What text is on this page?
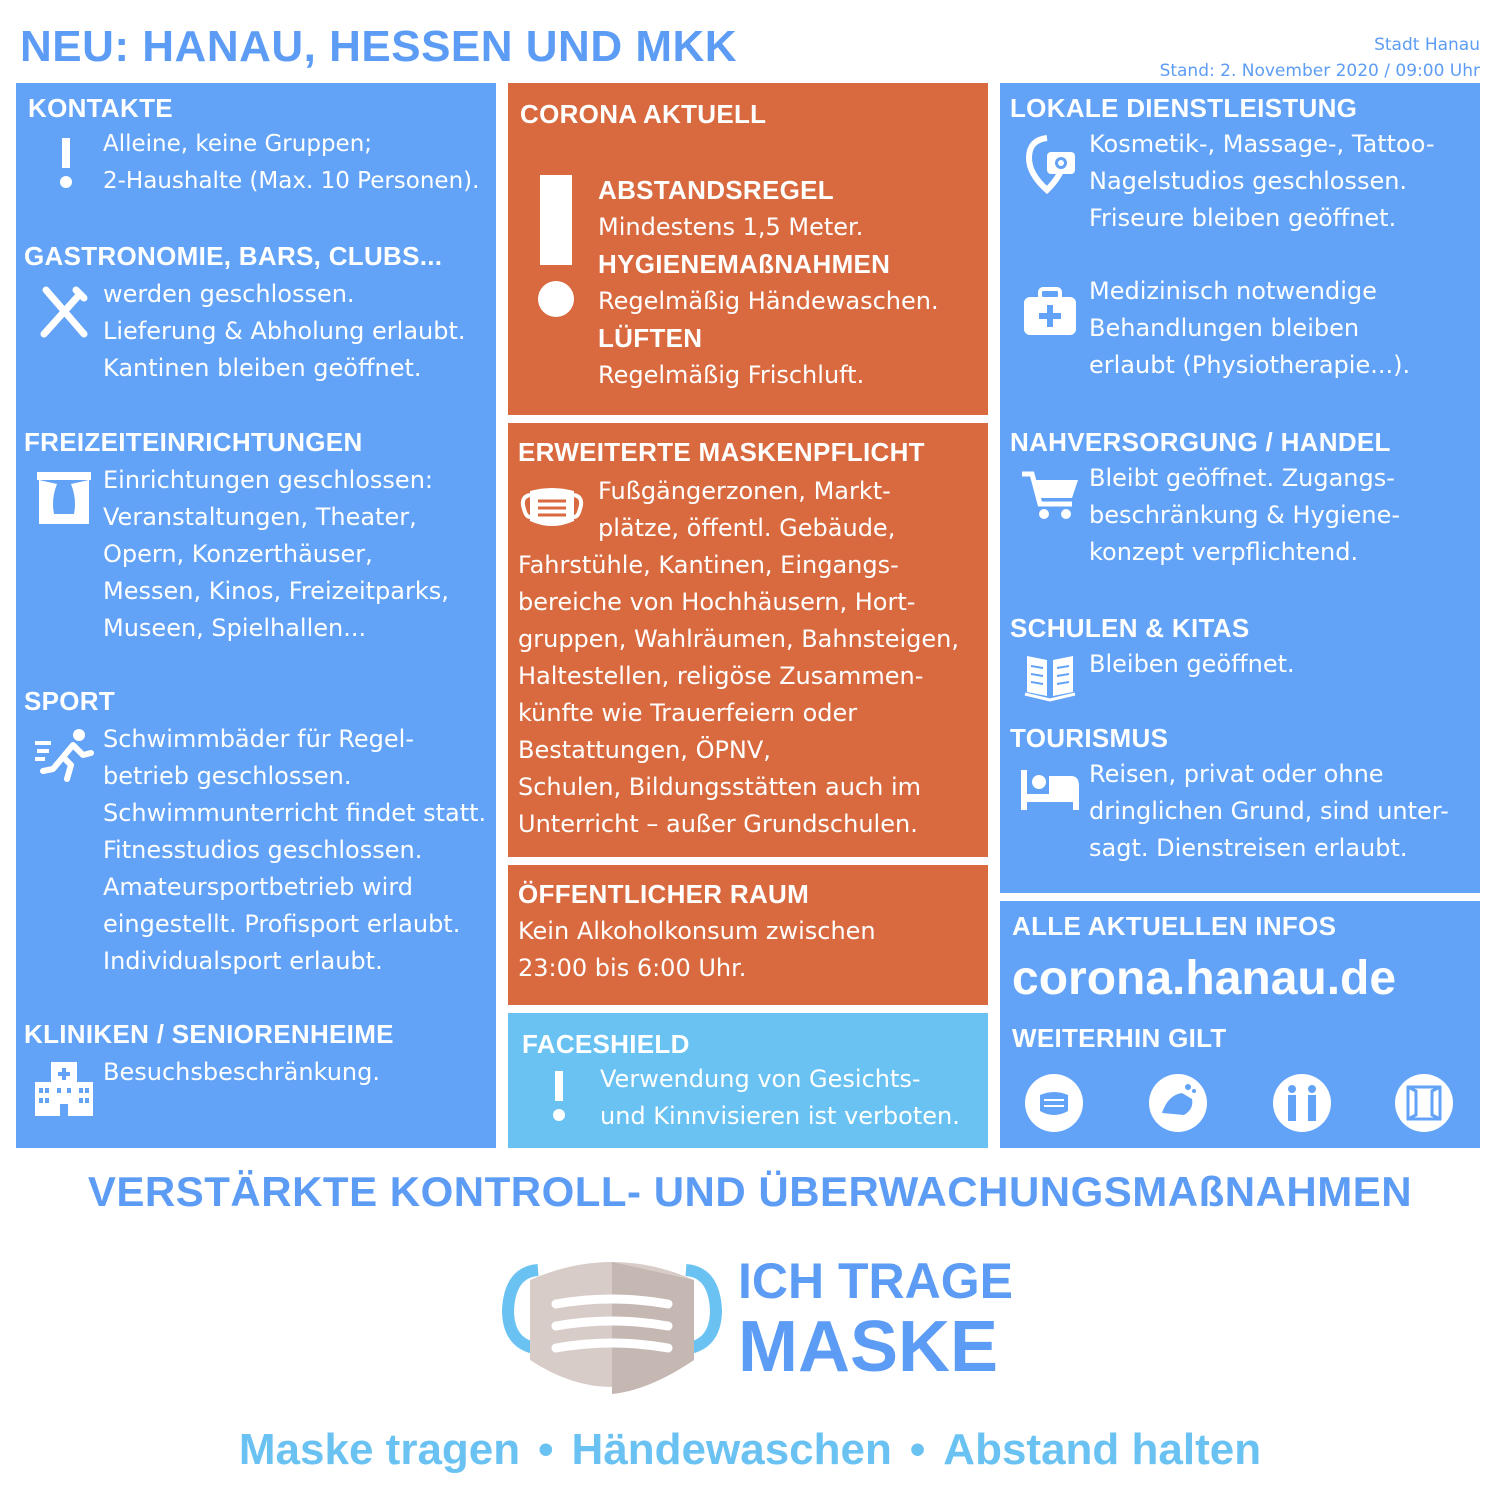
NEU: HANAU, HESSEN UND MKK	Stadt Hanau
Stand: 2. November 2020 / 09:00 Uhr
KONTAKTE
Alleine, keine Gruppen;
2-Haushalte (Max. 10 Personen).
GASTRONOMIE, BARS, CLUBS...
werden geschlossen.
Lieferung & Abholung erlaubt.
Kantinen bleiben geöffnet.
FREIZEITEINRICHTUNGEN
Einrichtungen geschlossen:
Veranstaltungen, Theater,
Opern, Konzerthäuser,
Messen, Kinos, Freizeitparks,
Museen, Spielhallen...
SPORT
Schwimmbäder für Regel-
betrieb geschlossen.
Schwimmunterricht findet statt.
Fitnesstudios geschlossen.
Amateursportbetrieb wird
eingestellt. Profisport erlaubt.
Individualsport erlaubt.
KLINIKEN / SENIORENHEIME
Besuchsbeschränkung.
CORONA AKTUELL
ABSTANDSREGEL
Mindestens 1,5 Meter.
HYGIENEMAßNAHMEN
Regelmäßig Händewaschen.
LÜFTEN
Regelmäßig Frischluft.
ERWEITERTE MASKENPFLICHT
Fußgängerzonen, Markt-
plätze, öffentl. Gebäude,
Fahrstühle, Kantinen, Eingangs-
bereiche von Hochhäusern, Hort-
gruppen, Wahlräumen, Bahnsteigen,
Haltestellen, religöse Zusammen-
künfte wie Trauerfeiern oder
Bestattungen, ÖPNV,
Schulen, Bildungsstätten auch im
Unterricht – außer Grundschulen.
ÖFFENTLICHER RAUM
Kein Alkoholkonsum zwischen
23:00 bis 6:00 Uhr.
FACESHIELD
Verwendung von Gesichts-
und Kinnvisieren ist verboten.
LOKALE DIENSTLEISTUNG
Kosmetik-, Massage-, Tattoo-
Nagelstudios geschlossen.
Friseure bleiben geöffnet.
Medizinisch notwendige
Behandlungen bleiben
erlaubt (Physiotherapie...).
NAHVERSORGUNG / HANDEL
Bleibt geöffnet. Zugangs-
beschränkung & Hygiene-
konzept verpflichtend.
SCHULEN & KITAS
Bleiben geöffnet.
TOURISMUS
Reisen, privat oder ohne
dringlichen Grund, sind unter-
sagt. Dienstreisen erlaubt.
ALLE AKTUELLEN INFOS
corona.hanau.de
WEITERHIN GILT
VERSTÄRKTE KONTROLL- UND ÜBERWACHUNGSMAßNAHMEN
ICH TRAGE
MASKE
Maske tragen • Händewaschen • Abstand halten
